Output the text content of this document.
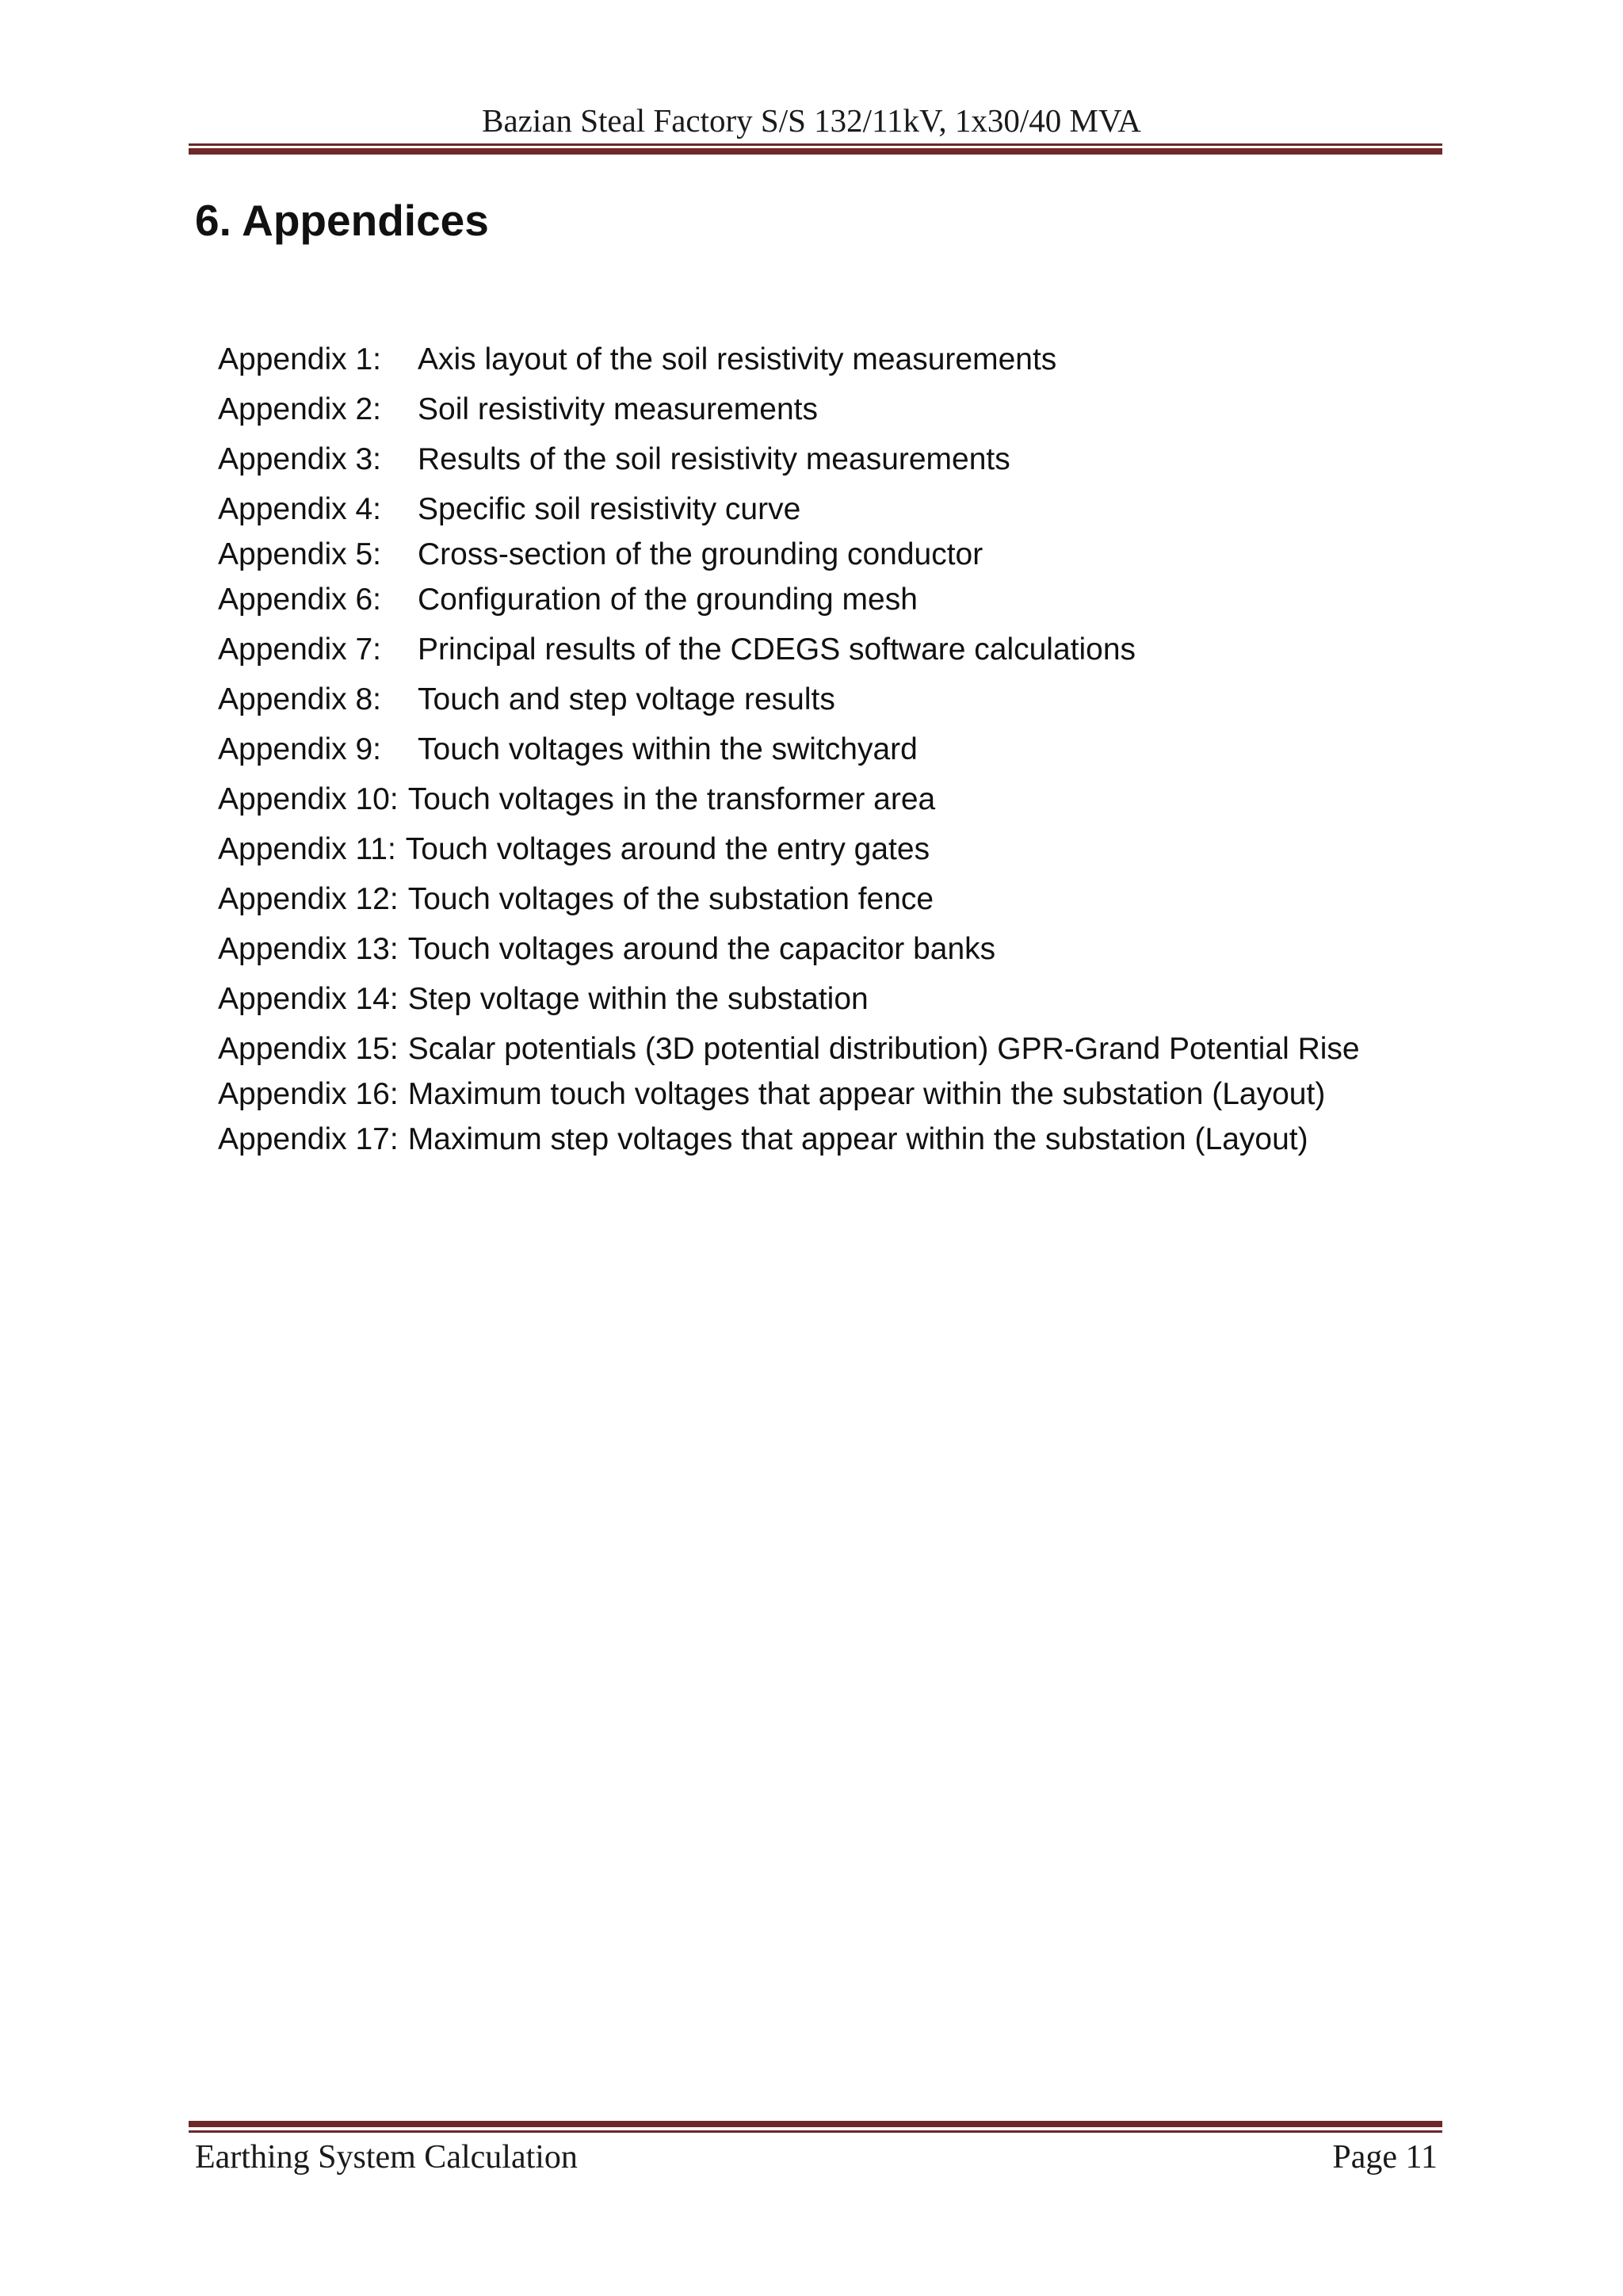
Bazian Steal Factory S/S 132/11kV, 1x30/40 MVA
6. Appendices
Appendix 1: Axis layout of the soil resistivity measurements
Appendix 2: Soil resistivity measurements
Appendix 3: Results of the soil resistivity measurements
Appendix 4: Specific soil resistivity curve
Appendix 5: Cross-section of the grounding conductor
Appendix 6: Configuration of the grounding mesh
Appendix 7: Principal results of the CDEGS software calculations
Appendix 8: Touch and step voltage results
Appendix 9: Touch voltages within the switchyard
Appendix 10: Touch voltages in the transformer area
Appendix 11: Touch voltages around the entry gates
Appendix 12: Touch voltages of the substation fence
Appendix 13: Touch voltages around the capacitor banks
Appendix 14: Step voltage within the substation
Appendix 15: Scalar potentials (3D potential distribution) GPR-Grand Potential Rise
Appendix 16: Maximum touch voltages that appear within the substation (Layout)
Appendix 17: Maximum step voltages that appear within the substation (Layout)
Earthing System Calculation	Page 11
